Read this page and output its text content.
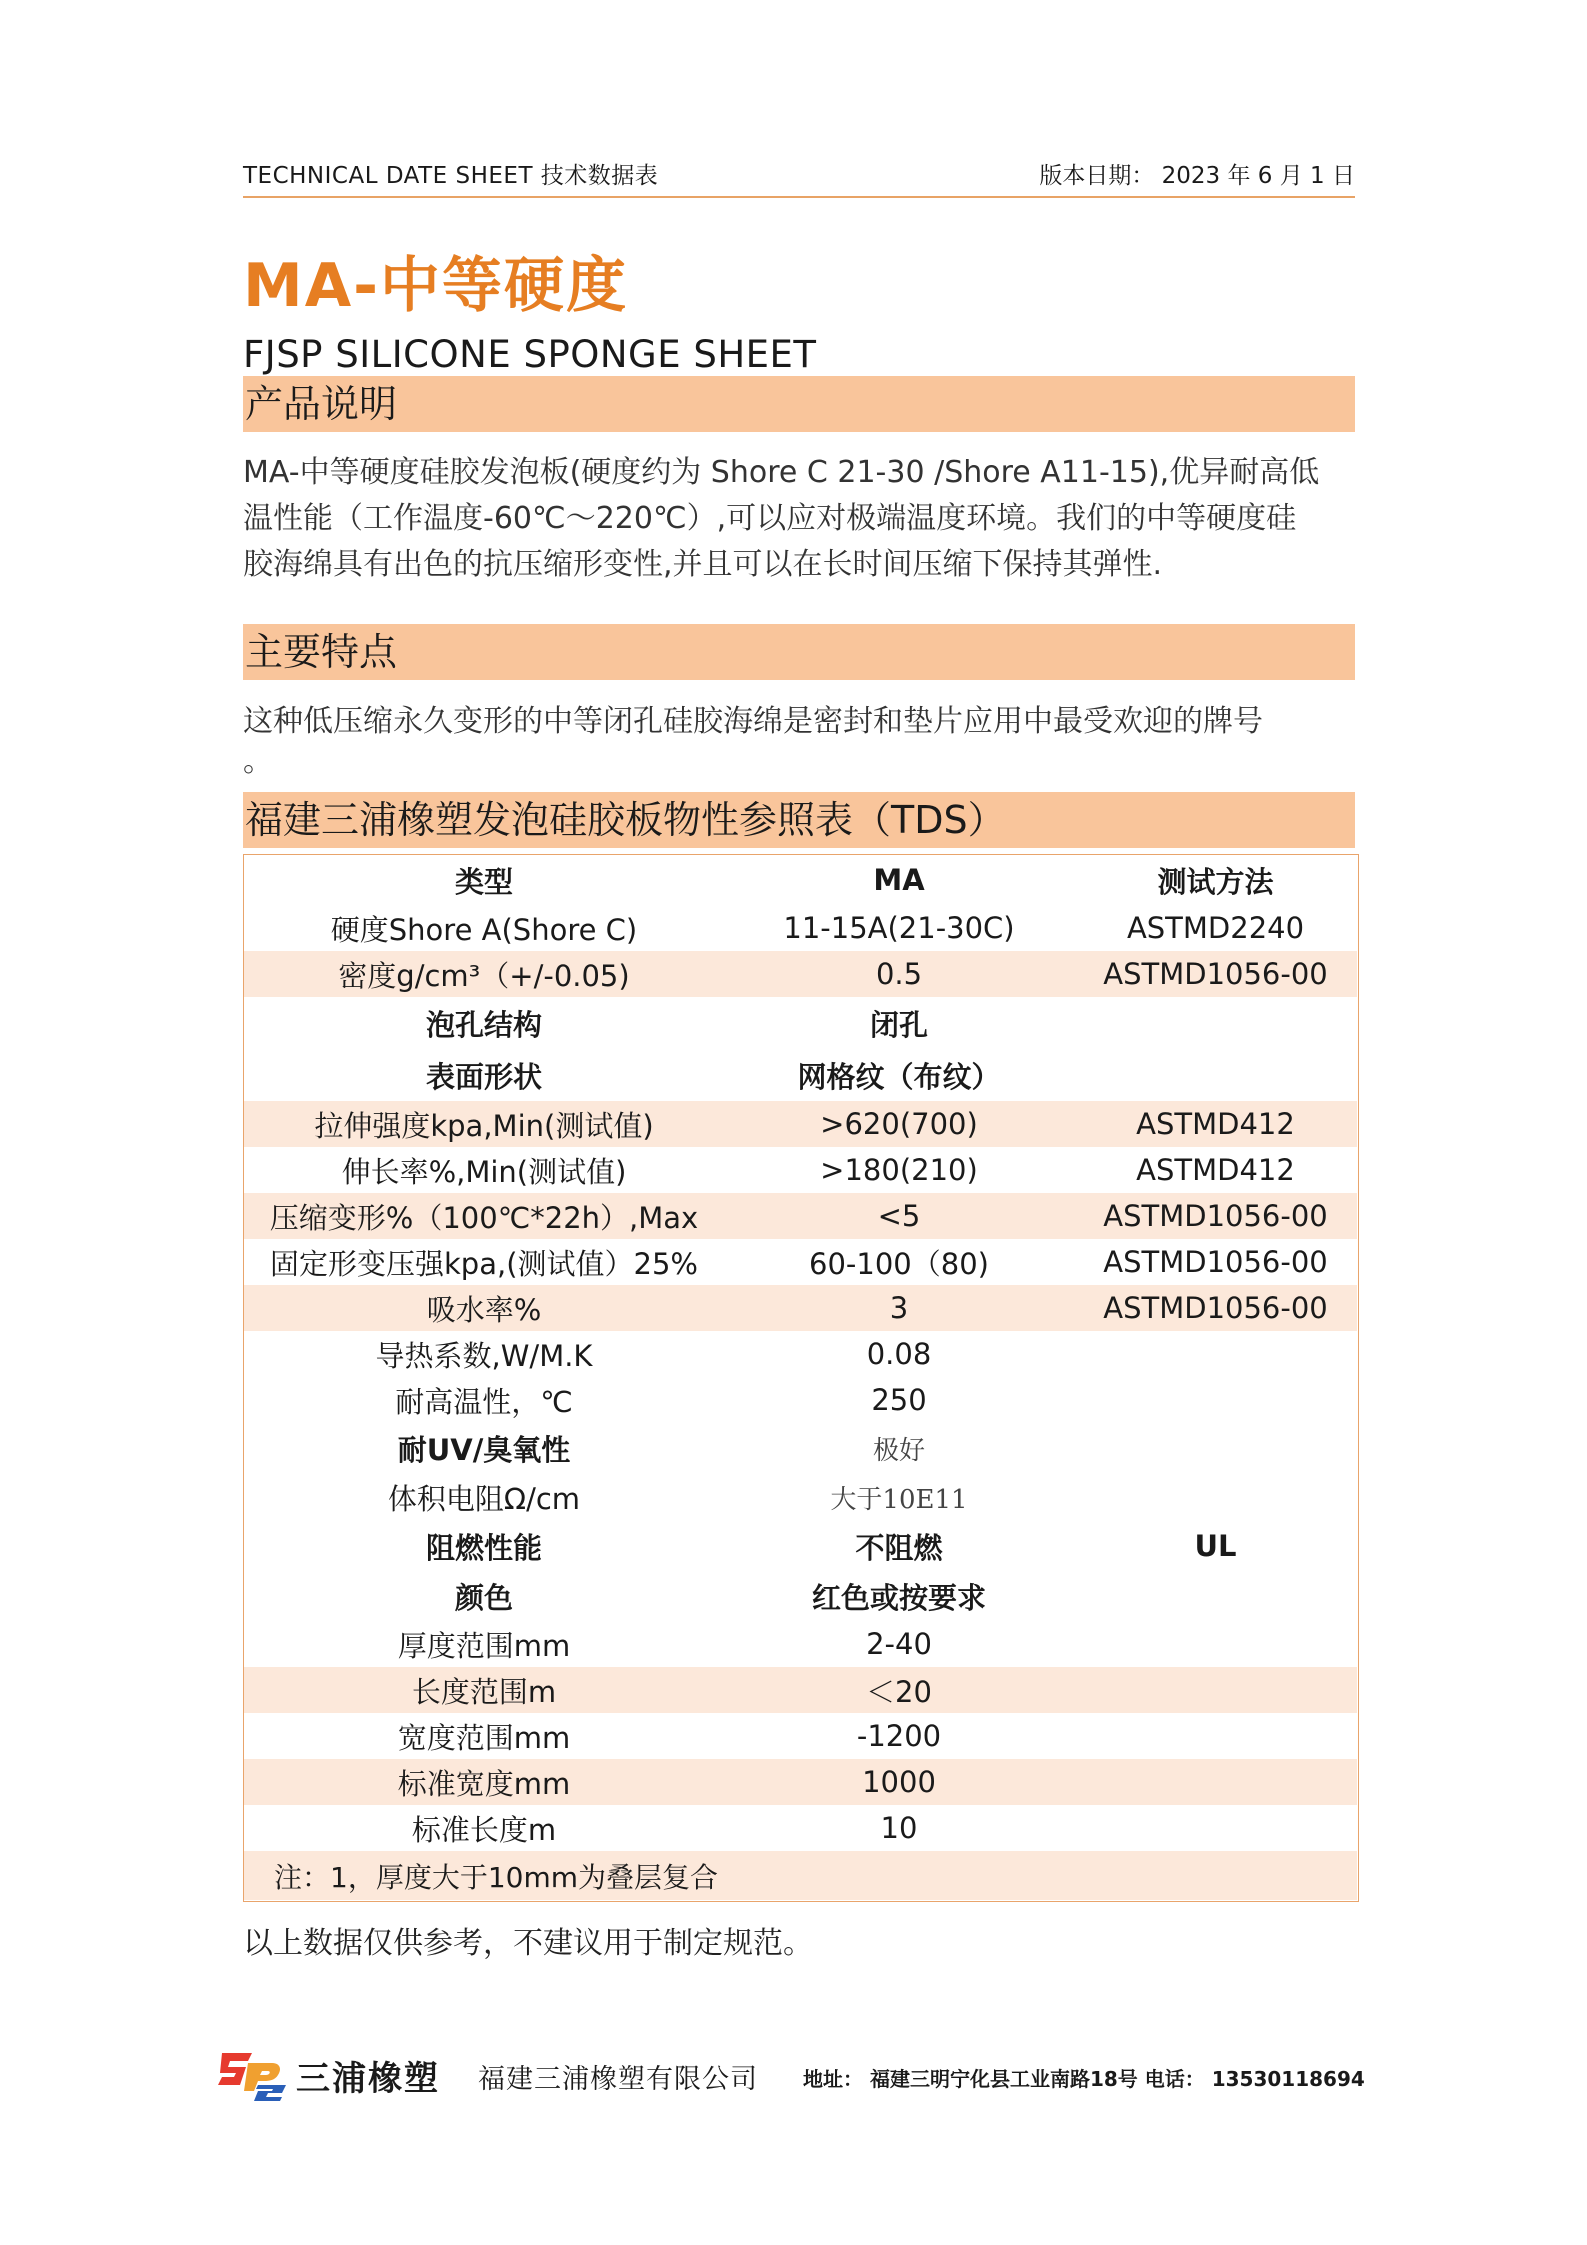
TECHNICAL DATE SHEET 技术数据表	版本日期： 2023 年 6 月 1 日
MA-中等硬度
FJSP SILICONE SPONGE SHEET
产品说明
MA-中等硬度硅胶发泡板(硬度约为 Shore C 21-30 /Shore A11-15),优异耐高低
温性能（工作温度-60℃～220℃）,可以应对极端温度环境。我们的中等硬度硅
胶海绵具有出色的抗压缩形变性,并且可以在长时间压缩下保持其弹性.
主要特点
这种低压缩永久变形的中等闭孔硅胶海绵是密封和垫片应用中最受欢迎的牌号
。
福建三浦橡塑发泡硅胶板物性参照表（TDS）
类型	MA	测试方法
硬度Shore A(Shore C)	11-15A(21-30C)	ASTMD2240
密度g/cm³（+/-0.05)	0.5	ASTMD1056-00
泡孔结构	闭孔
表面形状	网格纹（布纹）
拉伸强度kpa,Min(测试值)	>620(700)	ASTMD412
伸长率%,Min(测试值)	>180(210)	ASTMD412
压缩变形%（100℃*22h）,Max	<5	ASTMD1056-00
固定形变压强kpa,(测试值）25%	60-100（80)	ASTMD1056-00
吸水率%	3	ASTMD1056-00
导热系数,W/M.K	0.08
耐高温性，℃	250
耐UV/臭氧性	极好
体积电阻Ω/cm	大于10E11
阻燃性能	不阻燃	UL
颜色	红色或按要求
厚度范围mm	2-40
长度范围m	＜20
宽度范围mm	-1200
标准宽度mm	1000
标准长度m	10
注：1，厚度大于10mm为叠层复合
以上数据仅供参考，不建议用于制定规范。
三浦橡塑 福建三浦橡塑有限公司 地址： 福建三明宁化县工业南路18号 电话： 13530118694
